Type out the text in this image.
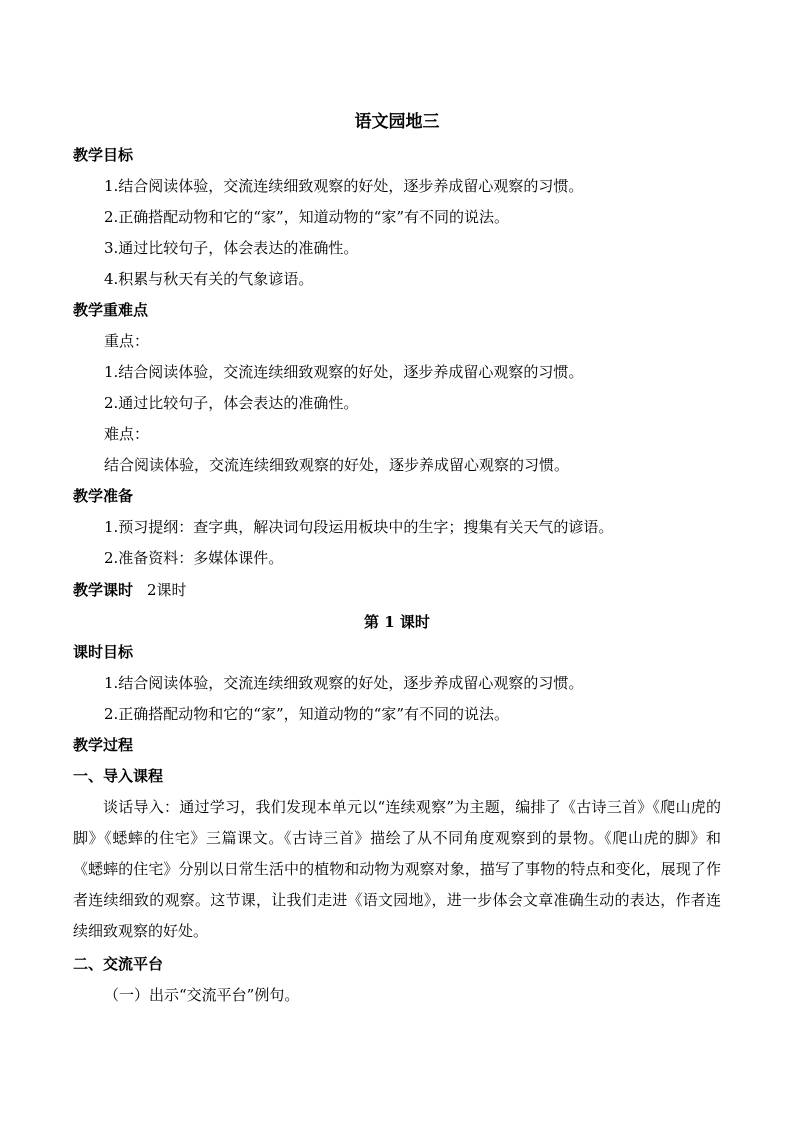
语文园地三
教学目标
1.结合阅读体验，交流连续细致观察的好处，逐步养成留心观察的习惯。
2.正确搭配动物和它的“家”，知道动物的“家”有不同的说法。
3.通过比较句子，体会表达的准确性。
4.积累与秋天有关的气象谚语。
教学重难点
重点：
1.结合阅读体验，交流连续细致观察的好处，逐步养成留心观察的习惯。
2.通过比较句子，体会表达的准确性。
难点：
结合阅读体验，交流连续细致观察的好处，逐步养成留心观察的习惯。
教学准备
1.预习提纲：查字典，解决词句段运用板块中的生字；搜集有关天气的谚语。
2.准备资料：多媒体课件。
教学课时 2课时
第 1 课时
课时目标
1.结合阅读体验，交流连续细致观察的好处，逐步养成留心观察的习惯。
2.正确搭配动物和它的“家”，知道动物的“家”有不同的说法。
教学过程
一、导入课程
谈话导入：通过学习，我们发现本单元以“连续观察”为主题，编排了《古诗三首》《爬山虎的脚》《蟋蟀的住宅》三篇课文。《古诗三首》描绘了从不同角度观察到的景物。《爬山虎的脚》和《蟋蟀的住宅》分别以日常生活中的植物和动物为观察对象，描写了事物的特点和变化，展现了作者连续细致的观察。这节课，让我们走进《语文园地》，进一步体会文章准确生动的表达，作者连续细致观察的好处。
二、交流平台
（一）出示“交流平台”例句。
